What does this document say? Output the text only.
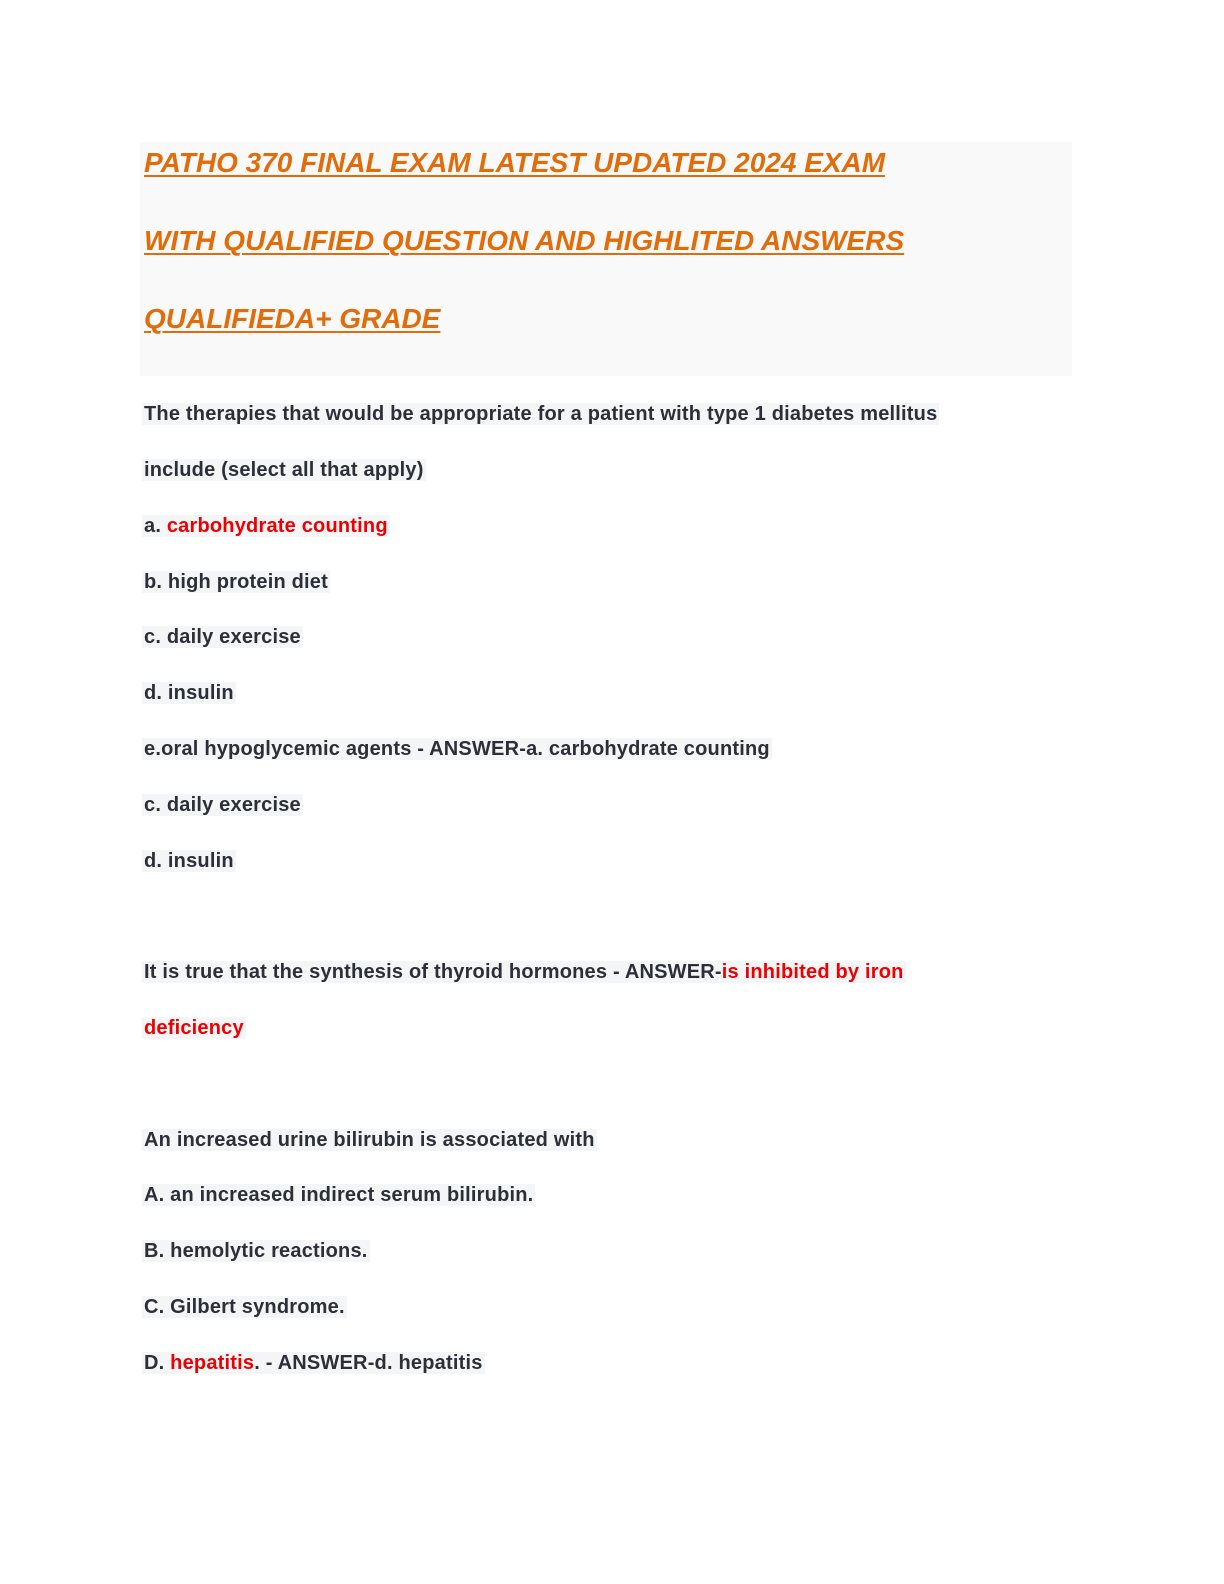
PATHO 370 FINAL EXAM LATEST UPDATED 2024 EXAM

WITH QUALIFIED QUESTION AND HIGHLITED ANSWERS

QUALIFIEDA+ GRADE

The therapies that would be appropriate for a patient with type 1 diabetes mellitus

include (select all that apply)

a. carbohydrate counting

b. high protein diet

c. daily exercise

d. insulin

e.oral hypoglycemic agents - ANSWER-a. carbohydrate counting

c. daily exercise

d. insulin

It is true that the synthesis of thyroid hormones - ANSWER-is inhibited by iron

deficiency

An increased urine bilirubin is associated with

A. an increased indirect serum bilirubin.

B. hemolytic reactions.

C. Gilbert syndrome.

D. hepatitis. - ANSWER-d. hepatitis
